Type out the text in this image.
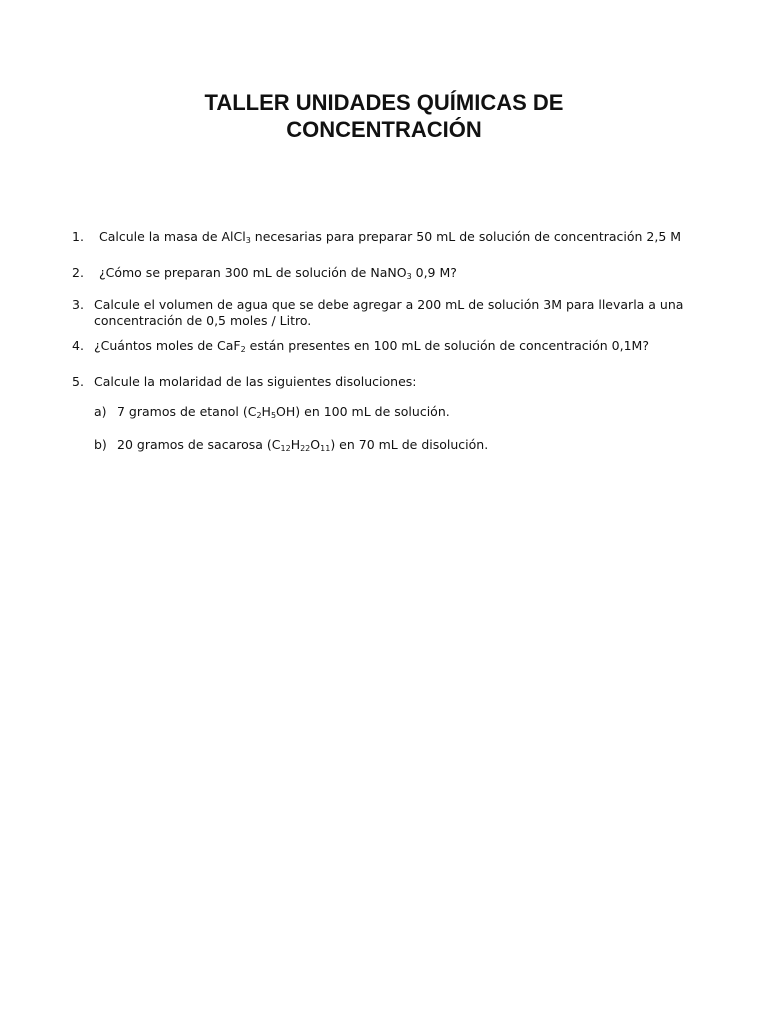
TALLER UNIDADES QUÍMICAS DE
CONCENTRACIÓN
1. Calcule la masa de AlCl$_3$ necesarias para preparar 50 mL de solución de concentración 2,5 M
2. ¿Cómo se preparan 300 mL de solución de NaNO$_3$ 0,9 M?
3. Calcule el volumen de agua que se debe agregar a 200 mL de solución 3M para llevarla a una
concentración de 0,5 moles / Litro.
4. ¿Cuántos moles de CaF$_2$ están presentes en 100 mL de solución de concentración 0,1M?
5. Calcule la molaridad de las siguientes disoluciones:
a) 7 gramos de etanol $(C_2H_5OH)$ en 100 mL de solución.
b) 20 gramos de sacarosa $(C_{12}H_{22}O_{11})$ en 70 mL de disolución.
